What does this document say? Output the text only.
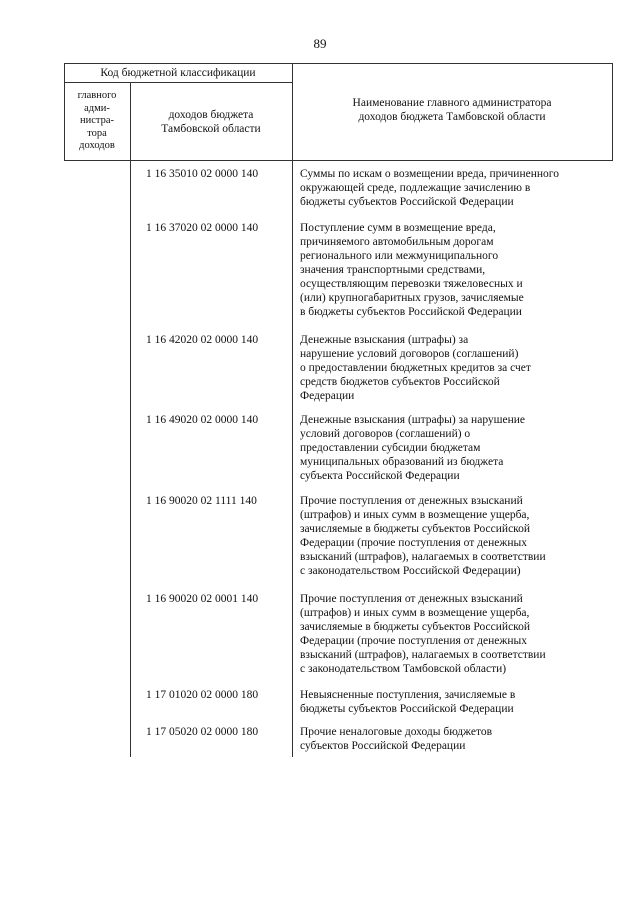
89
Код бюджетной классификации
главного
адми-
нистра-
тора
доходов
доходов бюджета
Тамбовской области
Наименование главного администратора
доходов бюджета Тамбовской области
1 16 35010 02 0000 140	Суммы по искам о возмещении вреда, причиненного
окружающей среде, подлежащие зачислению в
бюджеты субъектов Российской Федерации
1 16 37020 02 0000 140	Поступление сумм в возмещение вреда,
причиняемого автомобильным дорогам
регионального или межмуниципального
значения транспортными средствами,
осуществляющим перевозки тяжеловесных и
(или) крупногабаритных грузов, зачисляемые
в бюджеты субъектов Российской Федерации
1 16 42020 02 0000 140	Денежные взыскания (штрафы) за
нарушение условий договоров (соглашений)
о предоставлении бюджетных кредитов за счет
средств бюджетов субъектов Российской
Федерации
1 16 49020 02 0000 140	Денежные взыскания (штрафы) за нарушение
условий договоров (соглашений) о
предоставлении субсидии бюджетам
муниципальных образований из бюджета
субъекта Российской Федерации
1 16 90020 02 1111 140	Прочие поступления от денежных взысканий
(штрафов) и иных сумм в возмещение ущерба,
зачисляемые в бюджеты субъектов Российской
Федерации (прочие поступления от денежных
взысканий (штрафов), налагаемых в соответствии
с законодательством Российской Федерации)
1 16 90020 02 0001 140	Прочие поступления от денежных взысканий
(штрафов) и иных сумм в возмещение ущерба,
зачисляемые в бюджеты субъектов Российской
Федерации (прочие поступления от денежных
взысканий (штрафов), налагаемых в соответствии
с законодательством Тамбовской области)
1 17 01020 02 0000 180	Невыясненные поступления, зачисляемые в
бюджеты субъектов Российской Федерации
1 17 05020 02 0000 180	Прочие неналоговые доходы бюджетов
субъектов Российской Федерации
